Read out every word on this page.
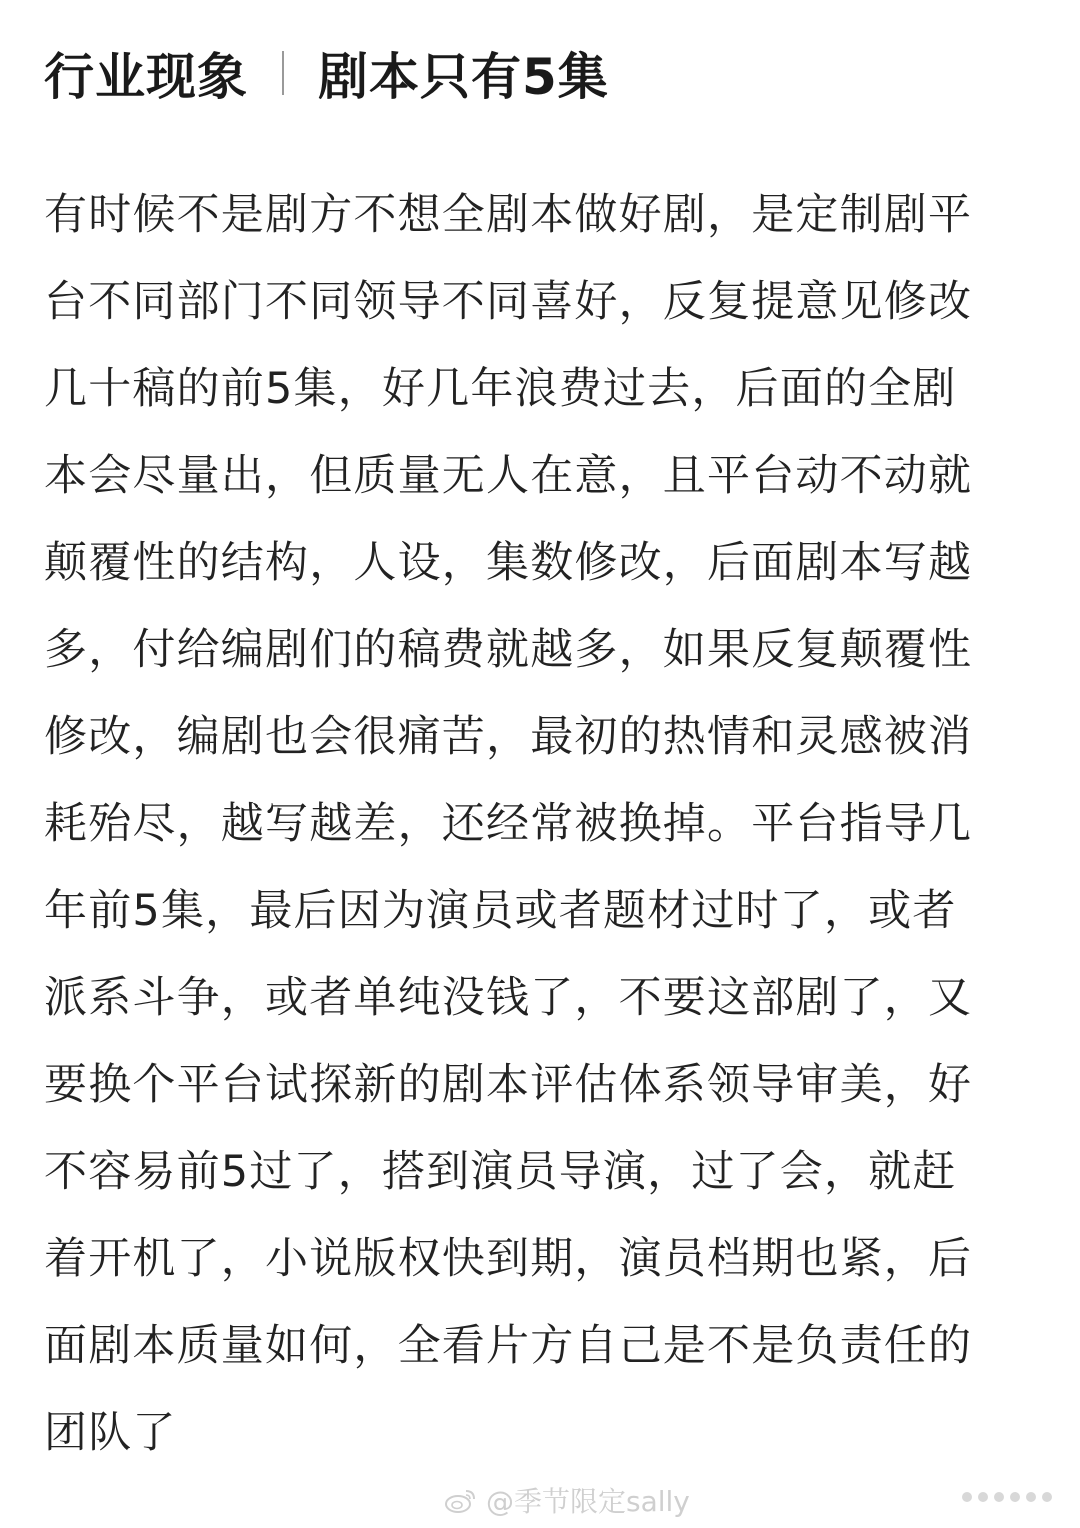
行业现象 剧本只有5集
有时候不是剧方不想全剧本做好剧，是定制剧平
台不同部门不同领导不同喜好，反复提意见修改
几十稿的前5集，好几年浪费过去，后面的全剧
本会尽量出，但质量无人在意，且平台动不动就
颠覆性的结构，人设，集数修改，后面剧本写越
多，付给编剧们的稿费就越多，如果反复颠覆性
修改，编剧也会很痛苦，最初的热情和灵感被消
耗殆尽，越写越差，还经常被换掉。平台指导几
年前5集，最后因为演员或者题材过时了，或者
派系斗争，或者单纯没钱了，不要这部剧了，又
要换个平台试探新的剧本评估体系领导审美，好
不容易前5过了，搭到演员导演，过了会，就赶
着开机了，小说版权快到期，演员档期也紧，后
面剧本质量如何，全看片方自己是不是负责任的
团队了
@季节限定sally
